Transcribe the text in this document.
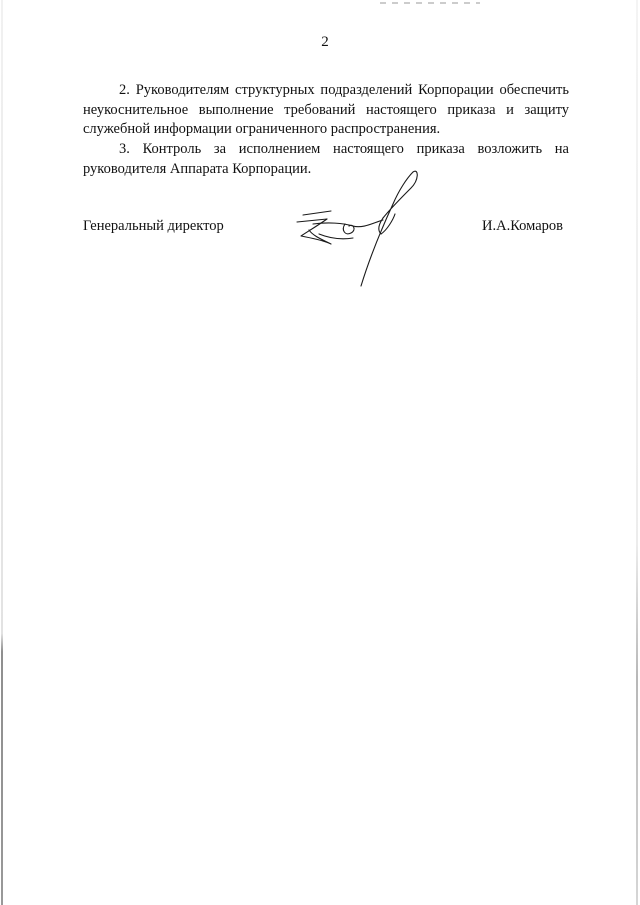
2

2. Руководителям структурных подразделений Корпорации обеспечить неукоснительное выполнение требований настоящего приказа и защиту служебной информации ограниченного распространения.

3. Контроль за исполнением настоящего приказа возложить на руководителя Аппарата Корпорации.

Генеральный директор	И.А.Комаров
